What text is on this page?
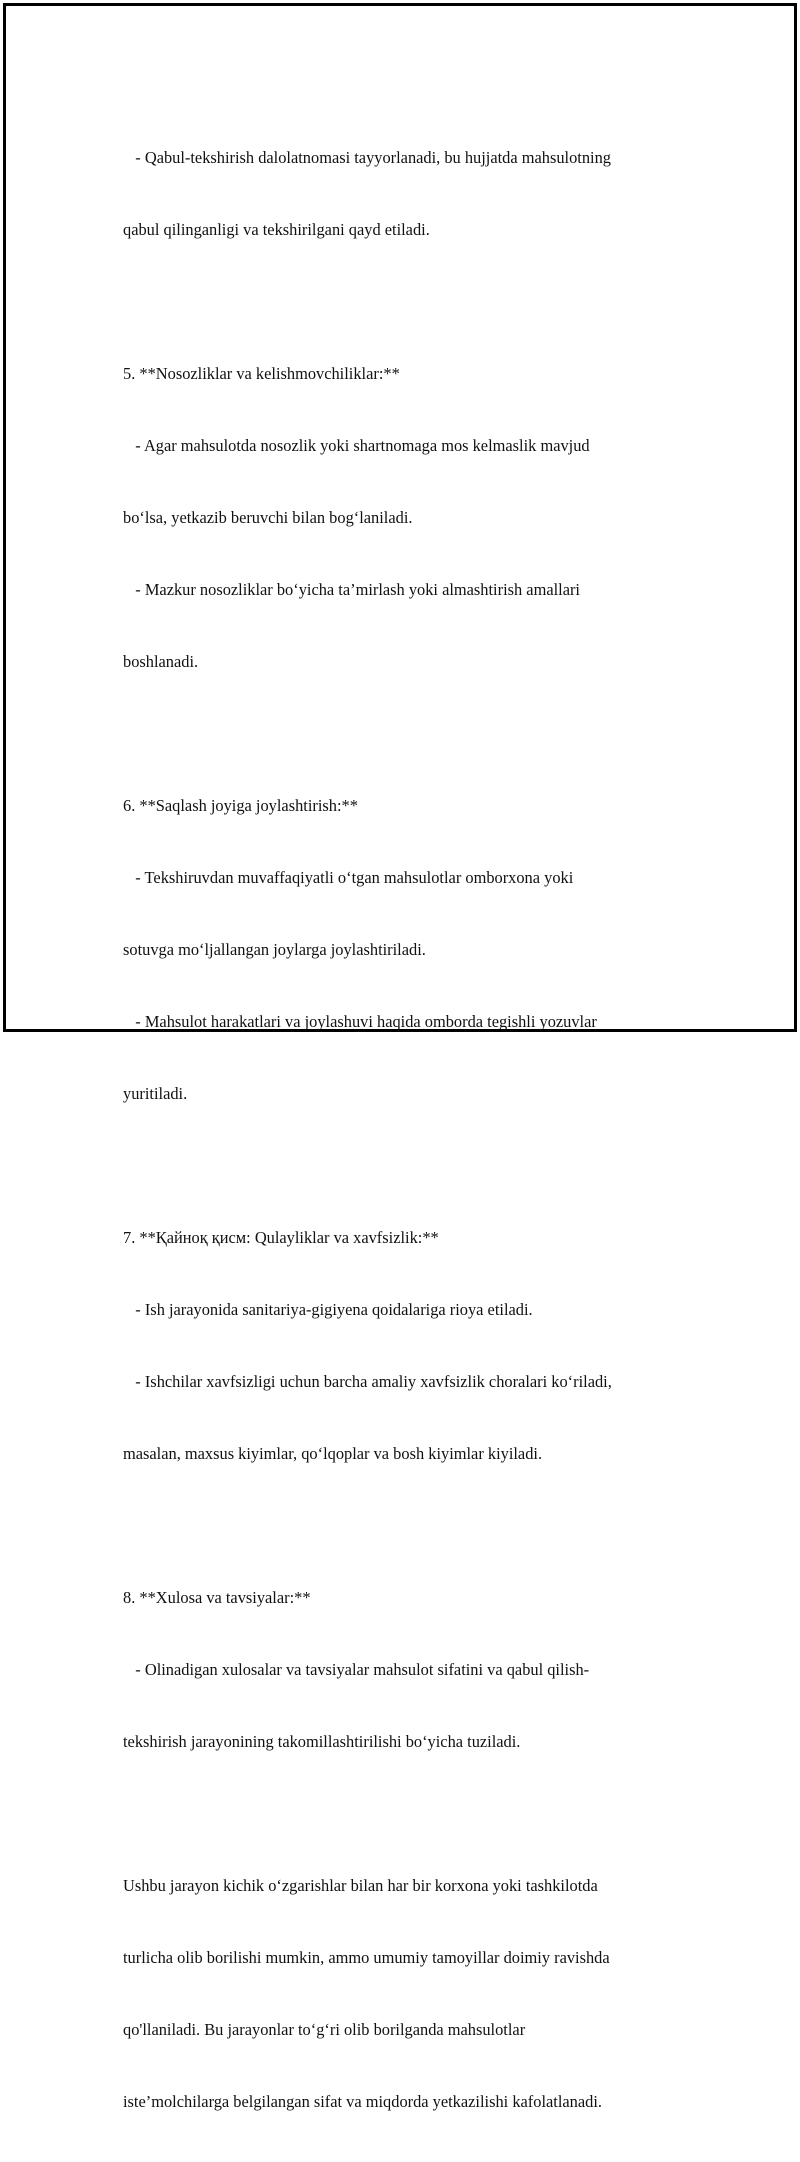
- Qabul-tekshirish dalolatnomasi tayyorlanadi, bu hujjatda mahsulotning

qabul qilinganligi va tekshirilgani qayd etiladi.

5. **Nosozliklar va kelishmovchiliklar:**

- Agar mahsulotda nosozlik yoki shartnomaga mos kelmaslik mavjud

bo‘lsa, yetkazib beruvchi bilan bog‘laniladi.

- Mazkur nosozliklar bo‘yicha ta’mirlash yoki almashtirish amallari

boshlanadi.

6. **Saqlash joyiga joylashtirish:**

- Tekshiruvdan muvaffaqiyatli o‘tgan mahsulotlar omborxona yoki

sotuvga mo‘ljallangan joylarga joylashtiriladi.

- Mahsulot harakatlari va joylashuvi haqida omborda tegishli yozuvlar

yuritiladi.

7. **Қайноқ қисм: Qulayliklar va xavfsizlik:**

- Ish jarayonida sanitariya-gigiyena qoidalariga rioya etiladi.

- Ishchilar xavfsizligi uchun barcha amaliy xavfsizlik choralari ko‘riladi,

masalan, maxsus kiyimlar, qo‘lqoplar va bosh kiyimlar kiyiladi.

8. **Xulosa va tavsiyalar:**

- Olinadigan xulosalar va tavsiyalar mahsulot sifatini va qabul qilish-

tekshirish jarayonining takomillashtirilishi bo‘yicha tuziladi.

Ushbu jarayon kichik o‘zgarishlar bilan har bir korxona yoki tashkilotda

turlicha olib borilishi mumkin, ammo umumiy tamoyillar doimiy ravishda

qo'llaniladi. Bu jarayonlar to‘g‘ri olib borilganda mahsulotlar

iste’molchilarga belgilangan sifat va miqdorda yetkazilishi kafolatlanadi.
